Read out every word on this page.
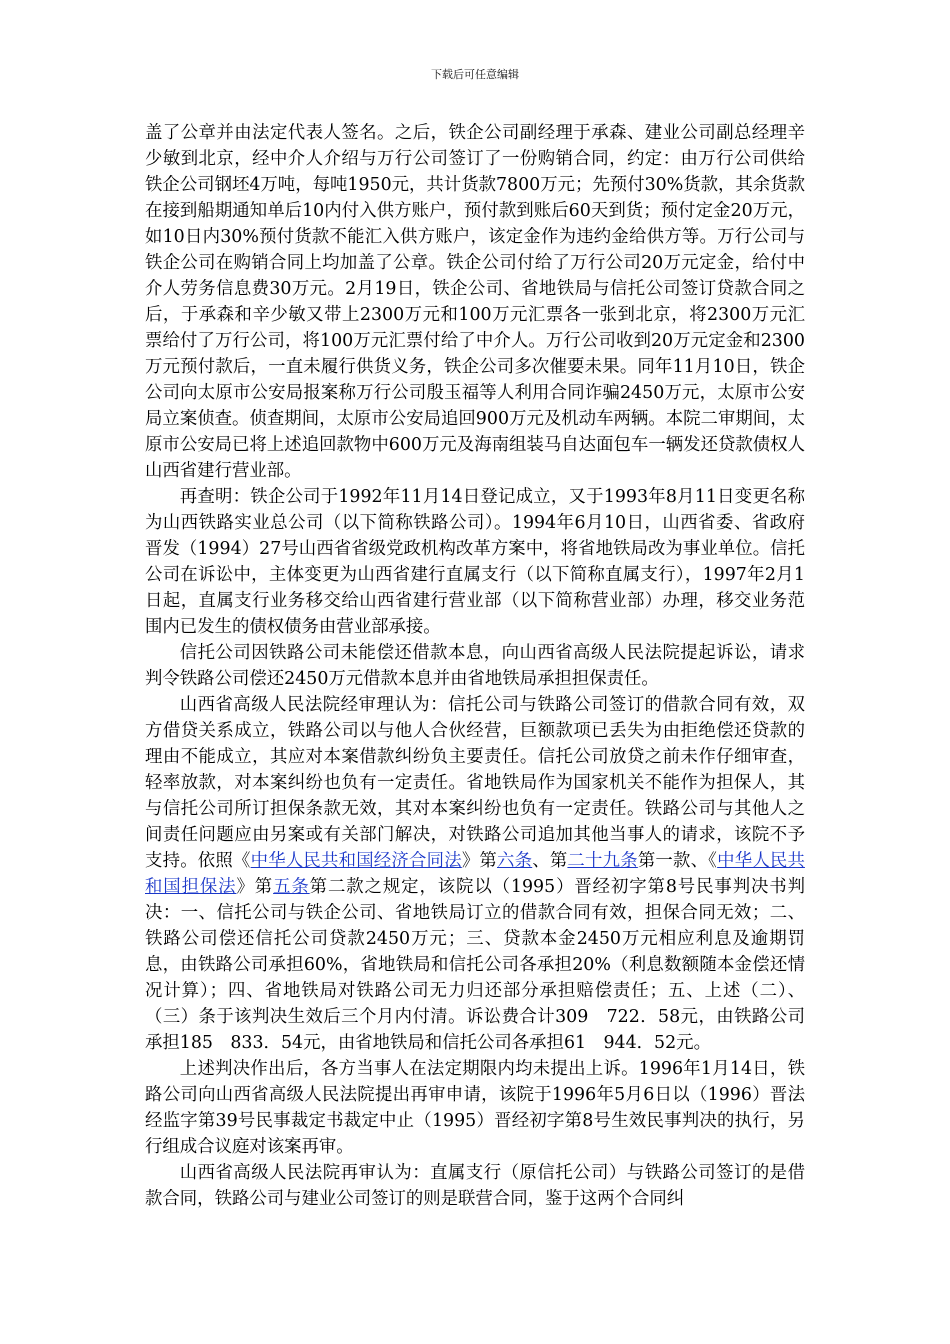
下载后可任意编辑

盖了公章并由法定代表人签名。之后，铁企公司副经理于承森、建业公司副总经理辛少敏到北京，经中介人介绍与万行公司签订了一份购销合同，约定：由万行公司供给铁企公司钢坯4万吨，每吨1950元，共计货款7800万元；先预付30%货款，其余货款在接到船期通知单后10内付入供方账户，预付款到账后60天到货；预付定金20万元，如10日内30%预付货款不能汇入供方账户，该定金作为违约金给供方等。万行公司与铁企公司在购销合同上均加盖了公章。铁企公司付给了万行公司20万元定金，给付中介人劳务信息费30万元。2月19日，铁企公司、省地铁局与信托公司签订贷款合同之后，于承森和辛少敏又带上2300万元和100万元汇票各一张到北京，将2300万元汇票给付了万行公司，将100万元汇票付给了中介人。万行公司收到20万元定金和2300万元预付款后，一直未履行供货义务，铁企公司多次催要未果。同年11月10日，铁企公司向太原市公安局报案称万行公司殷玉福等人利用合同诈骗2450万元，太原市公安局立案侦查。侦查期间，太原市公安局追回900万元及机动车两辆。本院二审期间，太原市公安局已将上述追回款物中600万元及海南组装马自达面包车一辆发还贷款债权人山西省建行营业部。

再查明：铁企公司于1992年11月14日登记成立，又于1993年8月11日变更名称为山西铁路实业总公司（以下简称铁路公司）。1994年6月10日，山西省委、省政府晋发（1994）27号山西省省级党政机构改革方案中，将省地铁局改为事业单位。信托公司在诉讼中，主体变更为山西省建行直属支行（以下简称直属支行），1997年2月1日起，直属支行业务移交给山西省建行营业部（以下简称营业部）办理，移交业务范围内已发生的债权债务由营业部承接。

信托公司因铁路公司未能偿还借款本息，向山西省高级人民法院提起诉讼，请求判令铁路公司偿还2450万元借款本息并由省地铁局承担担保责任。

山西省高级人民法院经审理认为：信托公司与铁路公司签订的借款合同有效，双方借贷关系成立，铁路公司以与他人合伙经营，巨额款项已丢失为由拒绝偿还贷款的理由不能成立，其应对本案借款纠纷负主要责任。信托公司放贷之前未作仔细审查，轻率放款，对本案纠纷也负有一定责任。省地铁局作为国家机关不能作为担保人，其与信托公司所订担保条款无效，其对本案纠纷也负有一定责任。铁路公司与其他人之间责任问题应由另案或有关部门解决，对铁路公司追加其他当事人的请求，该院不予支持。依照《中华人民共和国经济合同法》第六条、第二十九条第一款、《中华人民共和国担保法》第五条第二款之规定，该院以（1995）晋经初字第8号民事判决书判决：一、信托公司与铁企公司、省地铁局订立的借款合同有效，担保合同无效；二、铁路公司偿还信托公司贷款2450万元；三、贷款本金2450万元相应利息及逾期罚息，由铁路公司承担60%，省地铁局和信托公司各承担20%（利息数额随本金偿还情况计算）；四、省地铁局对铁路公司无力归还部分承担赔偿责任；五、上述（二）、（三）条于该判决生效后三个月内付清。诉讼费合计309　722．58元，由铁路公司承担185　833．54元，由省地铁局和信托公司各承担61　944．52元。

上述判决作出后，各方当事人在法定期限内均未提出上诉。1996年1月14日，铁路公司向山西省高级人民法院提出再审申请，该院于1996年5月6日以（1996）晋法经监字第39号民事裁定书裁定中止（1995）晋经初字第8号生效民事判决的执行，另行组成合议庭对该案再审。

山西省高级人民法院再审认为：直属支行（原信托公司）与铁路公司签订的是借款合同，铁路公司与建业公司签订的则是联营合同，鉴于这两个合同纠
